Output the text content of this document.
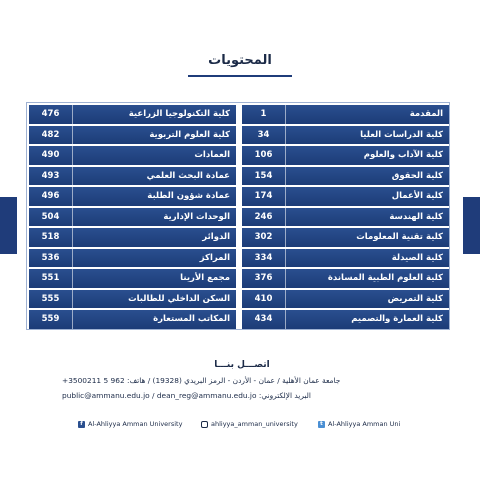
المحتويات
476	كلية التكنولوجيا الزراعية
482	كلية العلوم التربوية
490	العمادات
493	عمادة البحث العلمي
496	عمادة شؤون الطلبة
504	الوحدات الإدارية
518	الدوائر
536	المراكز
551	مجمع الأرينا
555	السكن الداخلي للطالبات
559	المكاتب المستعارة
1	المقدمة
34	كلية الدراسات العليا
106	كلية الآداب والعلوم
154	كلية الحقوق
174	كلية الأعمال
246	كلية الهندسة
302	كلية تقنية المعلومات
334	كلية الصيدلة
376	كلية العلوم الطبية المساندة
410	كلية التمريض
434	كلية العمارة والتصميم
اتصـــل بنـــا
جامعة عمان الأهلية / عمان - الأردن - الرمز البريدي (19328) / هاتف: 962 5 3500211+
البريد الإلكتروني: public@ammanu.edu.jo / dean_reg@ammanu.edu.jo
f Al-Ahliyya Amman University	ahliyya_amman_university	t Al-Ahliyya Amman Uni
